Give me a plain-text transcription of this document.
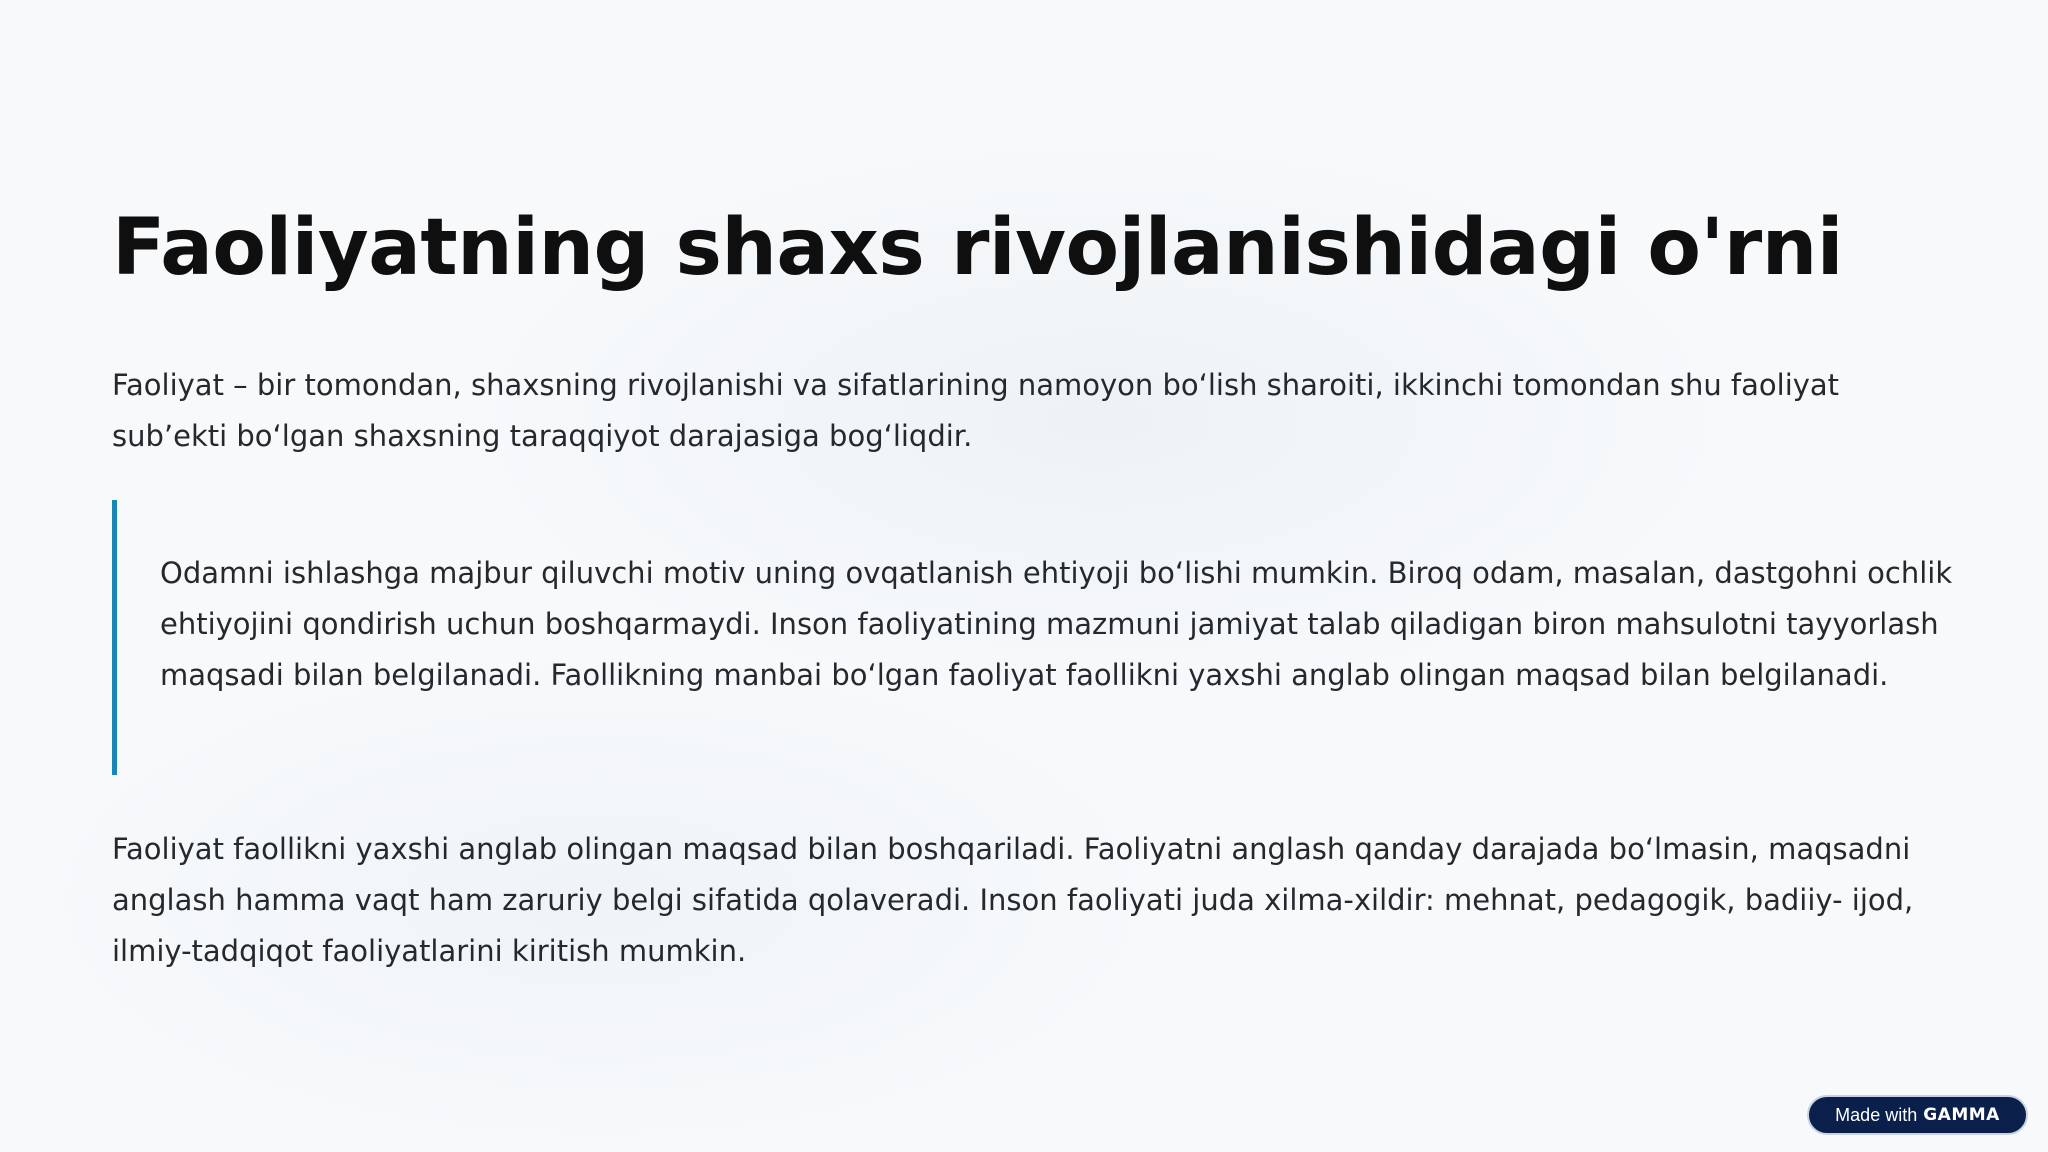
Faoliyatning shaxs rivojlanishidagi o'rni

Faoliyat – bir tomondan, shaxsning rivojlanishi va sifatlarining namoyon boʻlish sharoiti, ikkinchi tomondan shu faoliyat subʼekti boʻlgan shaxsning taraqqiyot darajasiga bogʻliqdir.

Odamni ishlashga majbur qiluvchi motiv uning ovqatlanish ehtiyoji boʻlishi mumkin. Biroq odam, masalan, dastgohni ochlik ehtiyojini qondirish uchun boshqarmaydi. Inson faoliyatining mazmuni jamiyat talab qiladigan biron mahsulotni tayyorlash maqsadi bilan belgilanadi. Faollikning manbai boʻlgan faoliyat faollikni yaxshi anglab olingan maqsad bilan belgilanadi.

Faoliyat faollikni yaxshi anglab olingan maqsad bilan boshqariladi. Faoliyatni anglash qanday darajada boʻlmasin, maqsadni anglash hamma vaqt ham zaruriy belgi sifatida qolaveradi. Inson faoliyati juda xilma-xildir: mehnat, pedagogik, badiiy- ijod, ilmiy-tadqiqot faoliyatlarini kiritish mumkin.

Made with GAMMA
